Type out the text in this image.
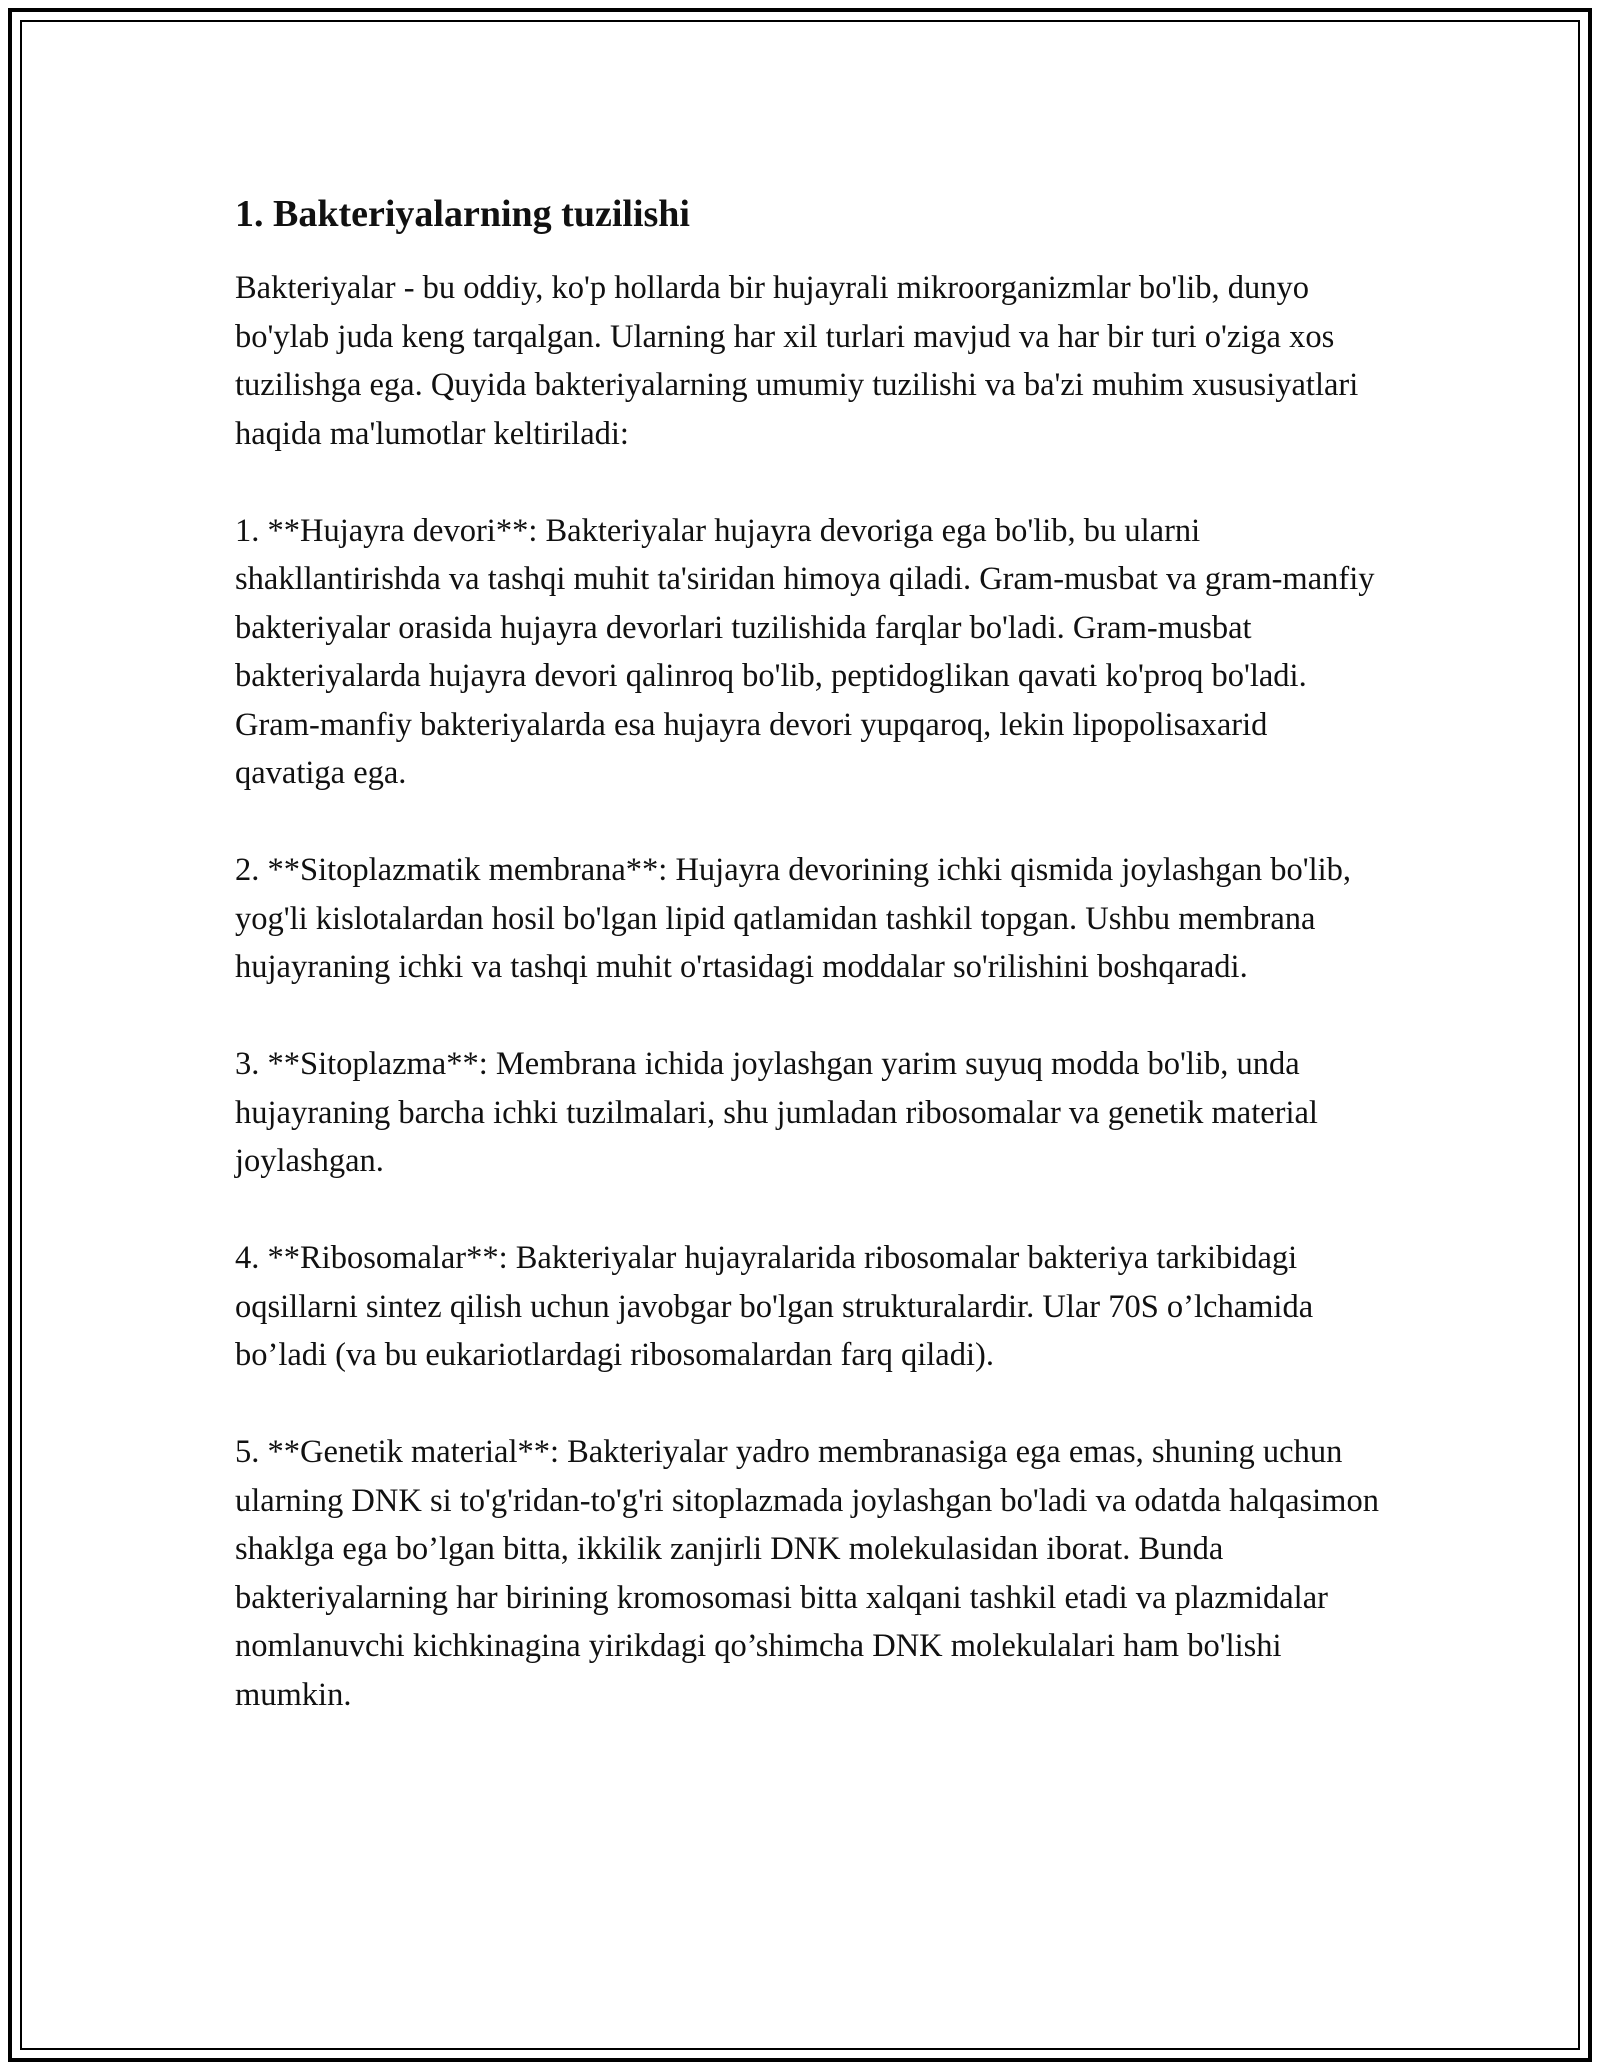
1. Bakteriyalarning tuzilishi

Bakteriyalar - bu oddiy, ko'p hollarda bir hujayrali mikroorganizmlar bo'lib, dunyo bo'ylab juda keng tarqalgan. Ularning har xil turlari mavjud va har bir turi o'ziga xos tuzilishga ega. Quyida bakteriyalarning umumiy tuzilishi va ba'zi muhim xususiyatlari haqida ma'lumotlar keltiriladi:

1. **Hujayra devori**: Bakteriyalar hujayra devoriga ega bo'lib, bu ularni shakllantirishda va tashqi muhit ta'siridan himoya qiladi. Gram-musbat va gram-manfiy bakteriyalar orasida hujayra devorlari tuzilishida farqlar bo'ladi. Gram-musbat bakteriyalarda hujayra devori qalinroq bo'lib, peptidoglikan qavati ko'proq bo'ladi. Gram-manfiy bakteriyalarda esa hujayra devori yupqaroq, lekin lipopolisaxarid qavatiga ega.

2. **Sitoplazmatik membrana**: Hujayra devorining ichki qismida joylashgan bo'lib, yog'li kislotalardan hosil bo'lgan lipid qatlamidan tashkil topgan. Ushbu membrana hujayraning ichki va tashqi muhit o'rtasidagi moddalar so'rilishini boshqaradi.

3. **Sitoplazma**: Membrana ichida joylashgan yarim suyuq modda bo'lib, unda hujayraning barcha ichki tuzilmalari, shu jumladan ribosomalar va genetik material joylashgan.

4. **Ribosomalar**: Bakteriyalar hujayralarida ribosomalar bakteriya tarkibidagi oqsillarni sintez qilish uchun javobgar bo'lgan strukturalardir. Ular 70S o’lchamida bo’ladi (va bu eukariotlardagi ribosomalardan farq qiladi).

5. **Genetik material**: Bakteriyalar yadro membranasiga ega emas, shuning uchun ularning DNK si to'g'ridan-to'g'ri sitoplazmada joylashgan bo'ladi va odatda halqasimon shaklga ega bo’lgan bitta, ikkilik zanjirli DNK molekulasidan iborat. Bunda bakteriyalarning har birining kromosomasi bitta xalqani tashkil etadi va plazmidalar nomlanuvchi kichkinagina yirikdagi qo’shimcha DNK molekulalari ham bo'lishi mumkin.
